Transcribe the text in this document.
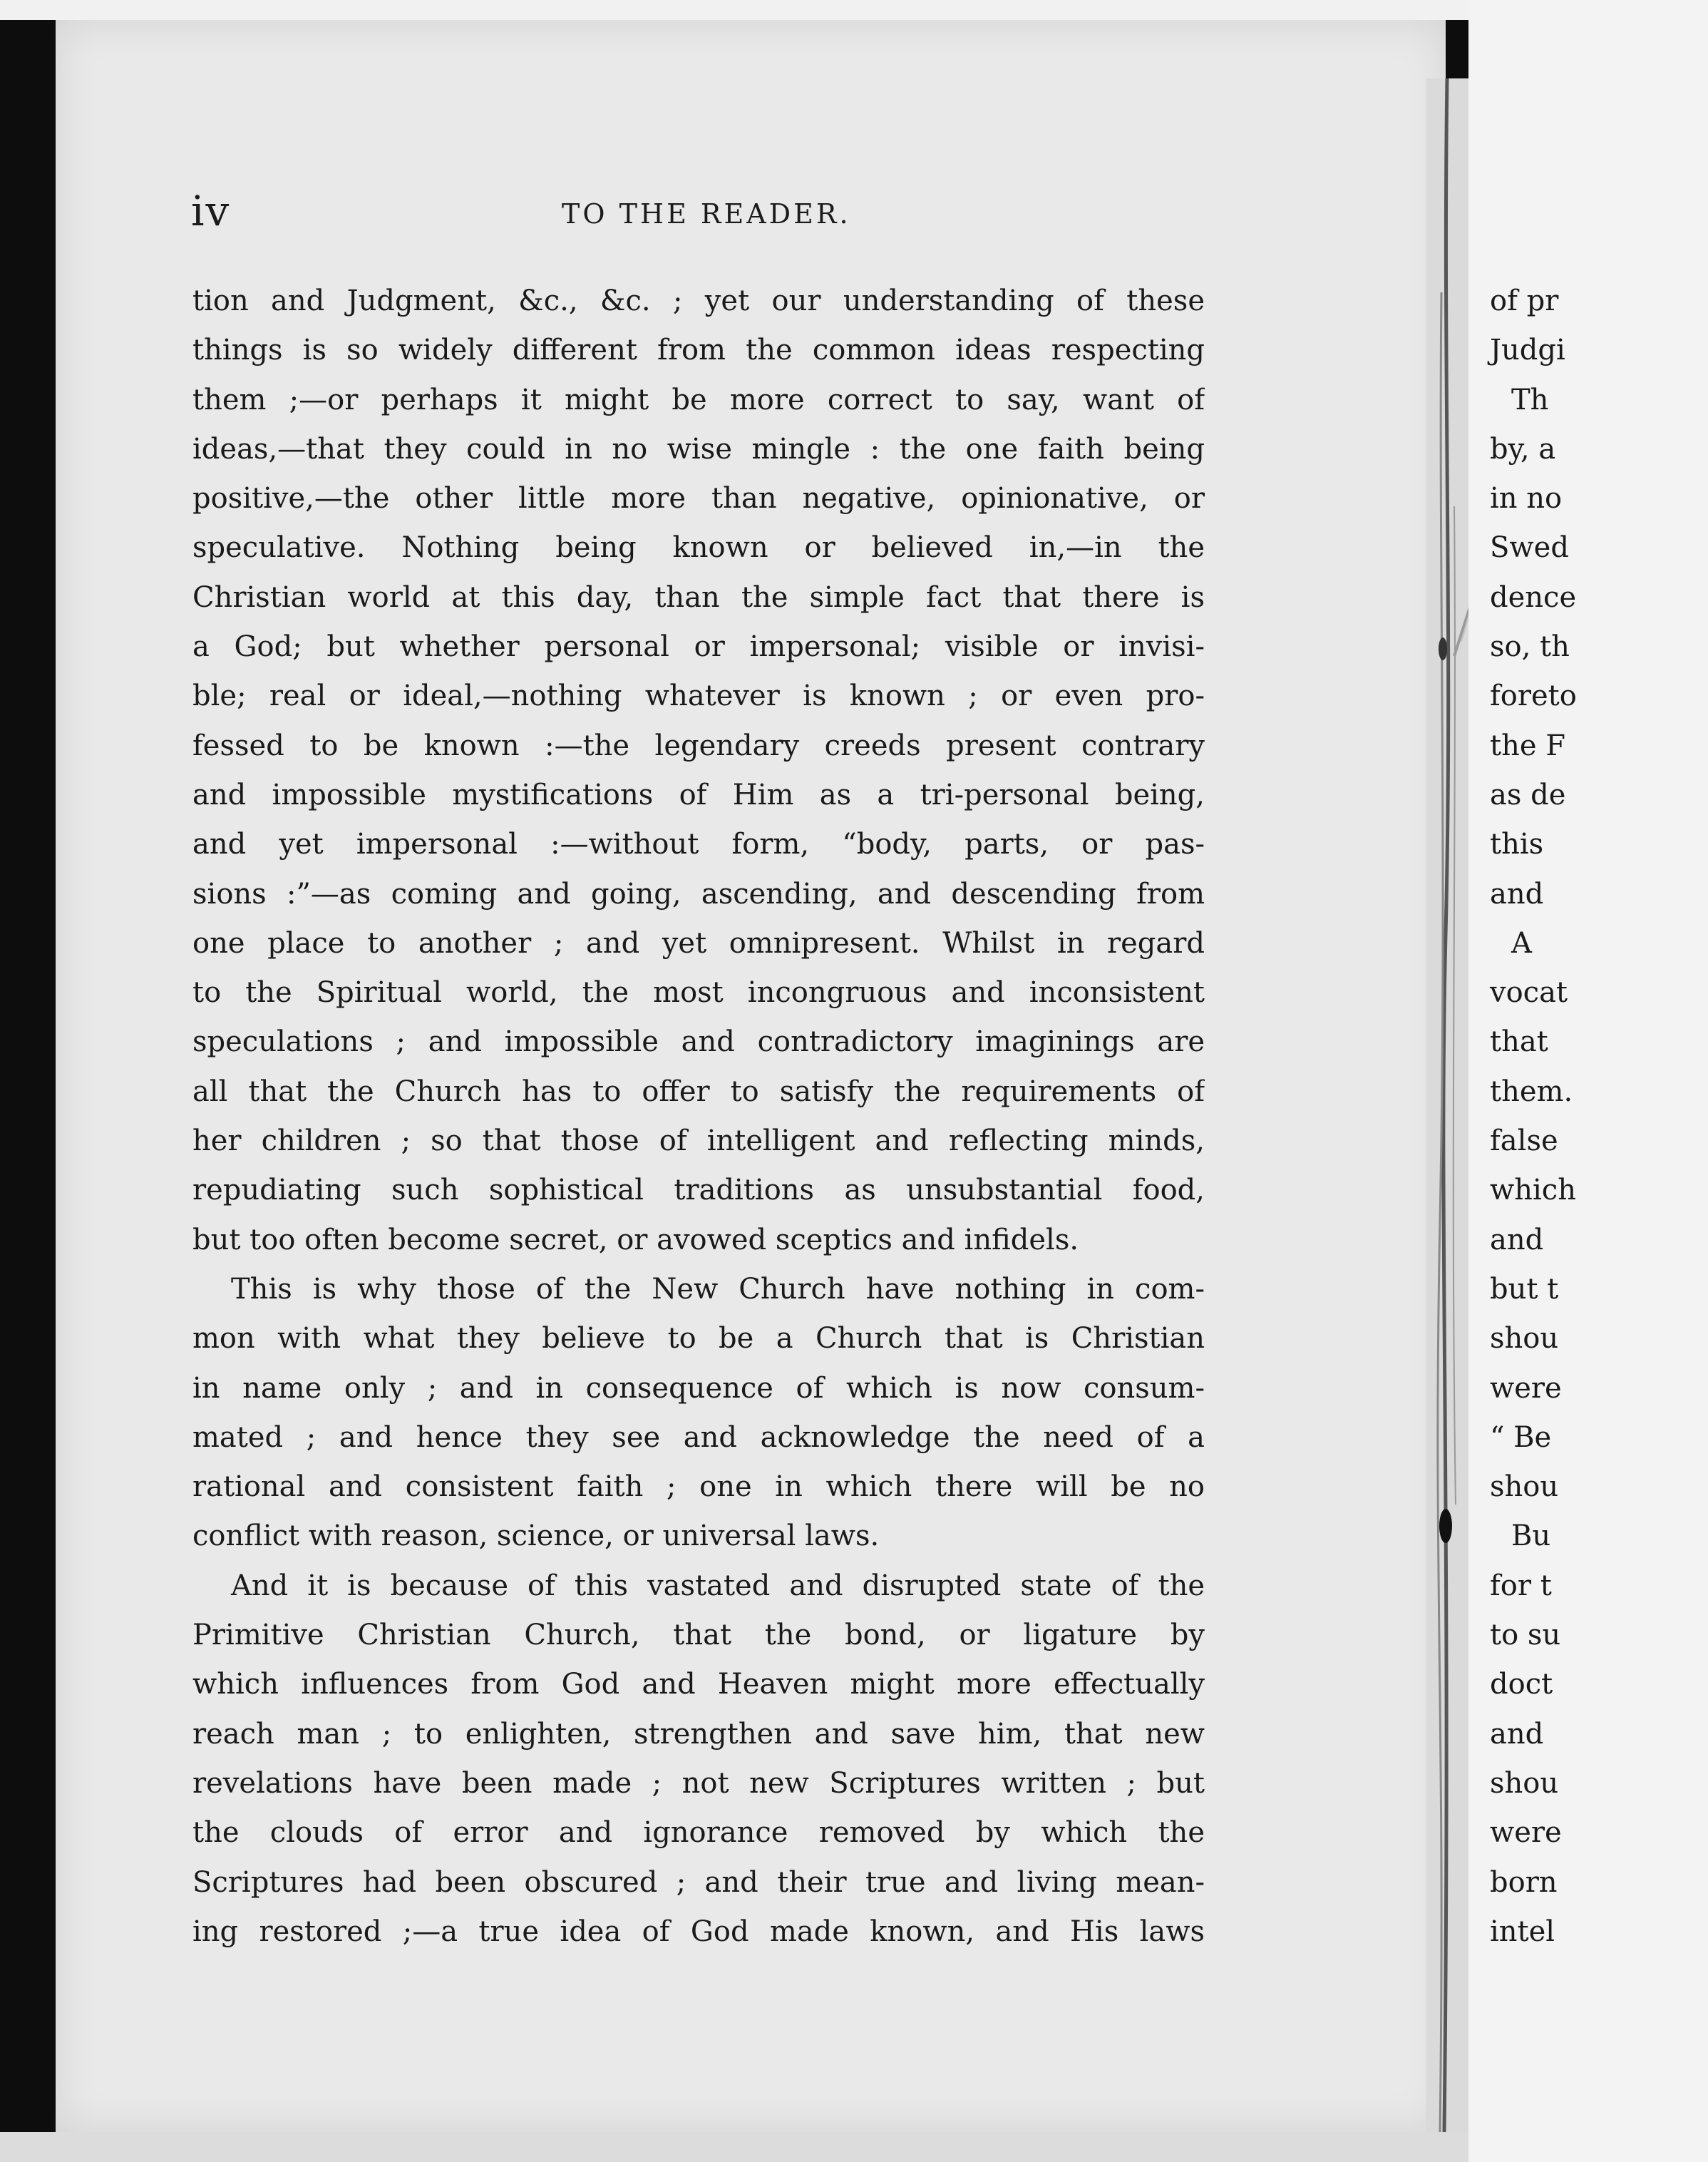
iv	TO THE READER.
tion and Judgment, &c., &c. ; yet our understanding of these
things is so widely different from the common ideas respecting
them ;—or perhaps it might be more correct to say, want of
ideas,—that they could in no wise mingle : the one faith being
positive,—the other little more than negative, opinionative, or
speculative. Nothing being known or believed in,—in the
Christian world at this day, than the simple fact that there is
a God; but whether personal or impersonal; visible or invisi-
ble; real or ideal,—nothing whatever is known ; or even pro-
fessed to be known :—the legendary creeds present contrary
and impossible mystifications of Him as a tri-personal being,
and yet impersonal :—without form, “body, parts, or pas-
sions :”—as coming and going, ascending, and descending from
one place to another ; and yet omnipresent. Whilst in regard
to the Spiritual world, the most incongruous and inconsistent
speculations ; and impossible and contradictory imaginings are
all that the Church has to offer to satisfy the requirements of
her children ; so that those of intelligent and reflecting minds,
repudiating such sophistical traditions as unsubstantial food,
but too often become secret, or avowed sceptics and infidels.
This is why those of the New Church have nothing in com-
mon with what they believe to be a Church that is Christian
in name only ; and in consequence of which is now consum-
mated ; and hence they see and acknowledge the need of a
rational and consistent faith ; one in which there will be no
conflict with reason, science, or universal laws.
And it is because of this vastated and disrupted state of the
Primitive Christian Church, that the bond, or ligature by
which influences from God and Heaven might more effectually
reach man ; to enlighten, strengthen and save him, that new
revelations have been made ; not new Scriptures written ; but
the clouds of error and ignorance removed by which the
Scriptures had been obscured ; and their true and living mean-
ing restored ;—a true idea of God made known, and His laws
of pr
Judgi
Th
by, a
in no
Swed
dence
so, th
foreto
the F
as de
this
and
A
vocat
that
them.
false
which
and
but t
shou
were
“ Be
shou
Bu
for t
to su
doct
and
shou
were
born
intel
